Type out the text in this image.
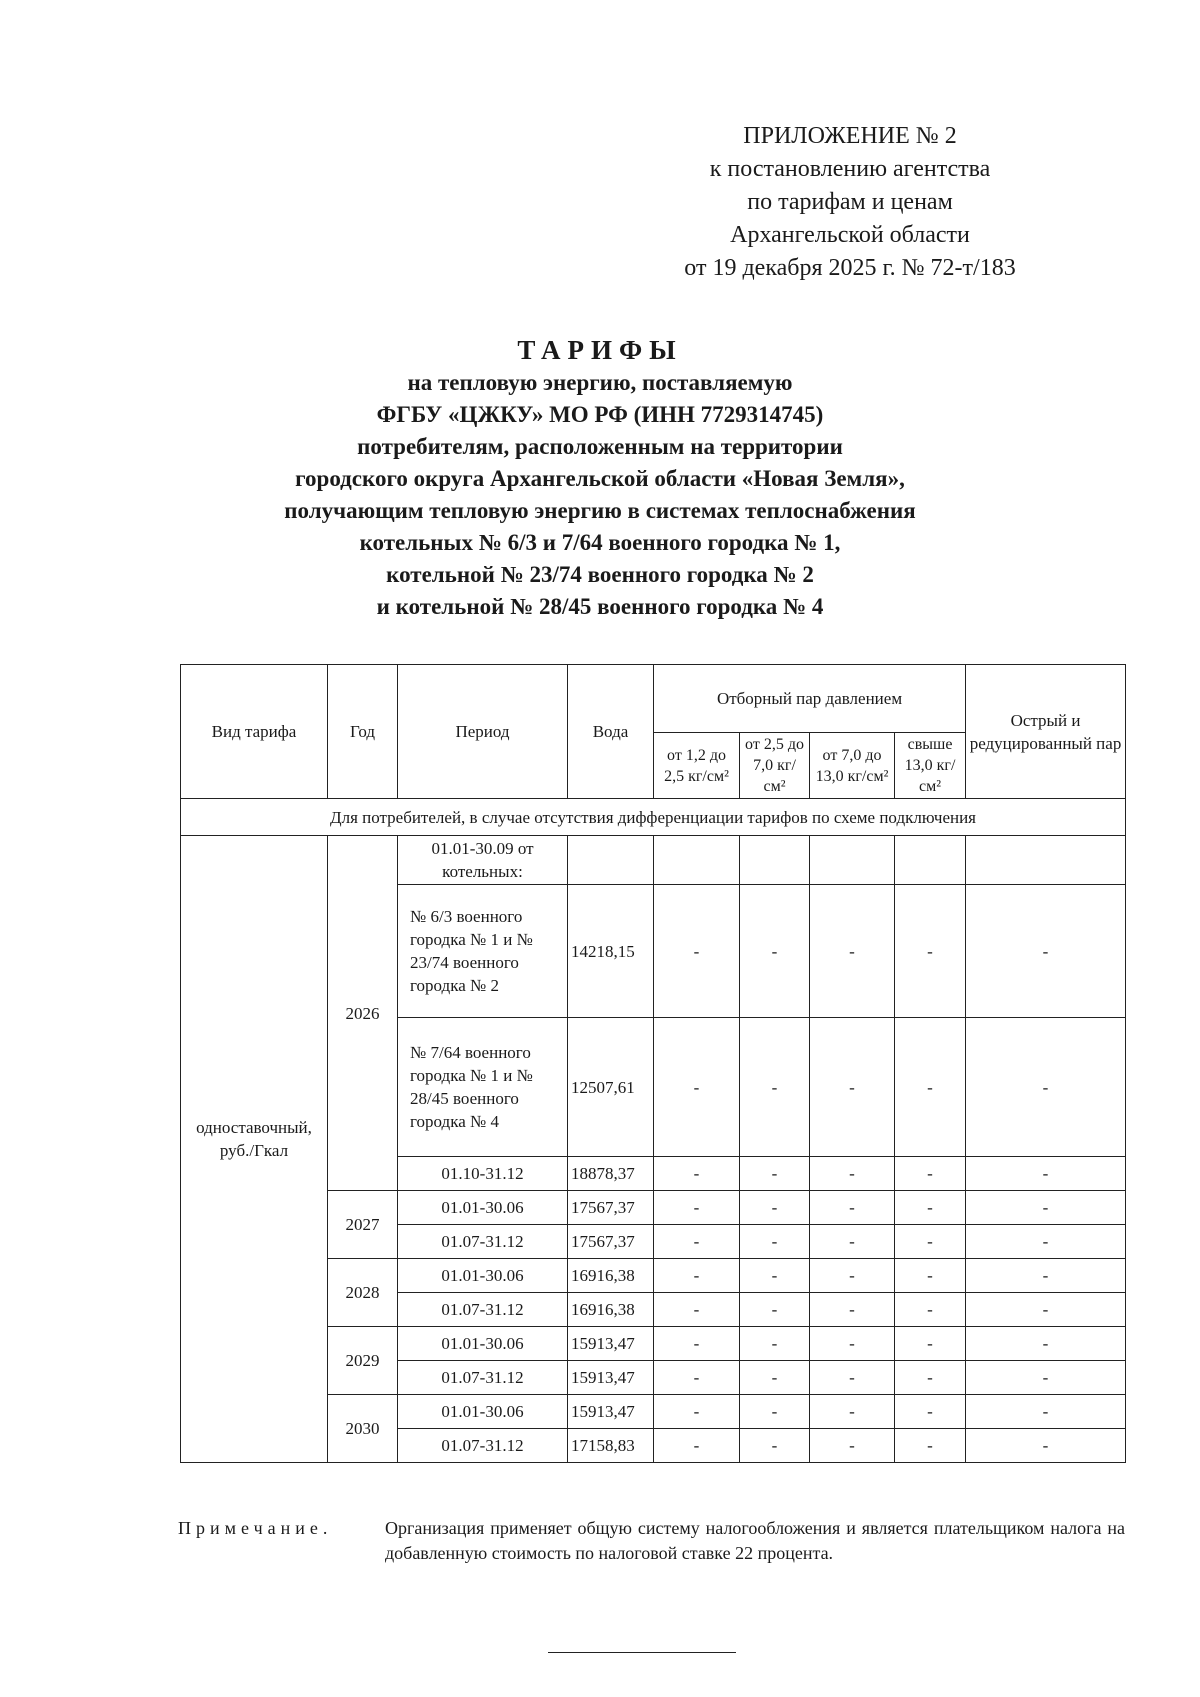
ПРИЛОЖЕНИЕ № 2
к постановлению агентства
по тарифам и ценам
Архангельской области
от 19 декабря 2025 г. № 72-т/183
ТАРИФЫ
на тепловую энергию, поставляемую
ФГБУ «ЦЖКУ» МО РФ (ИНН 7729314745)
потребителям, расположенным на территории
городского округа Архангельской области «Новая Земля»,
получающим тепловую энергию в системах теплоснабжения
котельных № 6/3 и 7/64 военного городка № 1,
котельной № 23/74 военного городка № 2
и котельной № 28/45 военного городка № 4
Вид тарифа	Год	Период	Вода	Отборный пар давлением				Острый и редуцированный пар
				от 1,2 до 2,5 кг/см²	от 2,5 до 7,0 кг/см²	от 7,0 до 13,0 кг/см²	свыше 13,0 кг/см²	
Для потребителей, в случае отсутствия дифференциации тарифов по схеме подключения								
одноставочный, руб./Гкал	2026	01.01-30.09 от котельных:						
		№ 6/3 военного городка № 1 и № 23/74 военного городка № 2	14218,15	-	-	-	-	-
		№ 7/64 военного городка № 1 и № 28/45 военного городка № 4	12507,61	-	-	-	-	-
		01.10-31.12	18878,37	-	-	-	-	-
	2027	01.01-30.06	17567,37	-	-	-	-	-
		01.07-31.12	17567,37	-	-	-	-	-
	2028	01.01-30.06	16916,38	-	-	-	-	-
		01.07-31.12	16916,38	-	-	-	-	-
	2029	01.01-30.06	15913,47	-	-	-	-	-
		01.07-31.12	15913,47	-	-	-	-	-
	2030	01.01-30.06	15913,47	-	-	-	-	-
		01.07-31.12	17158,83	-	-	-	-	-
Примечание.	Организация применяет общую систему налогообложения и является плательщиком налога на добавленную стоимость по налоговой ставке 22 процента.
